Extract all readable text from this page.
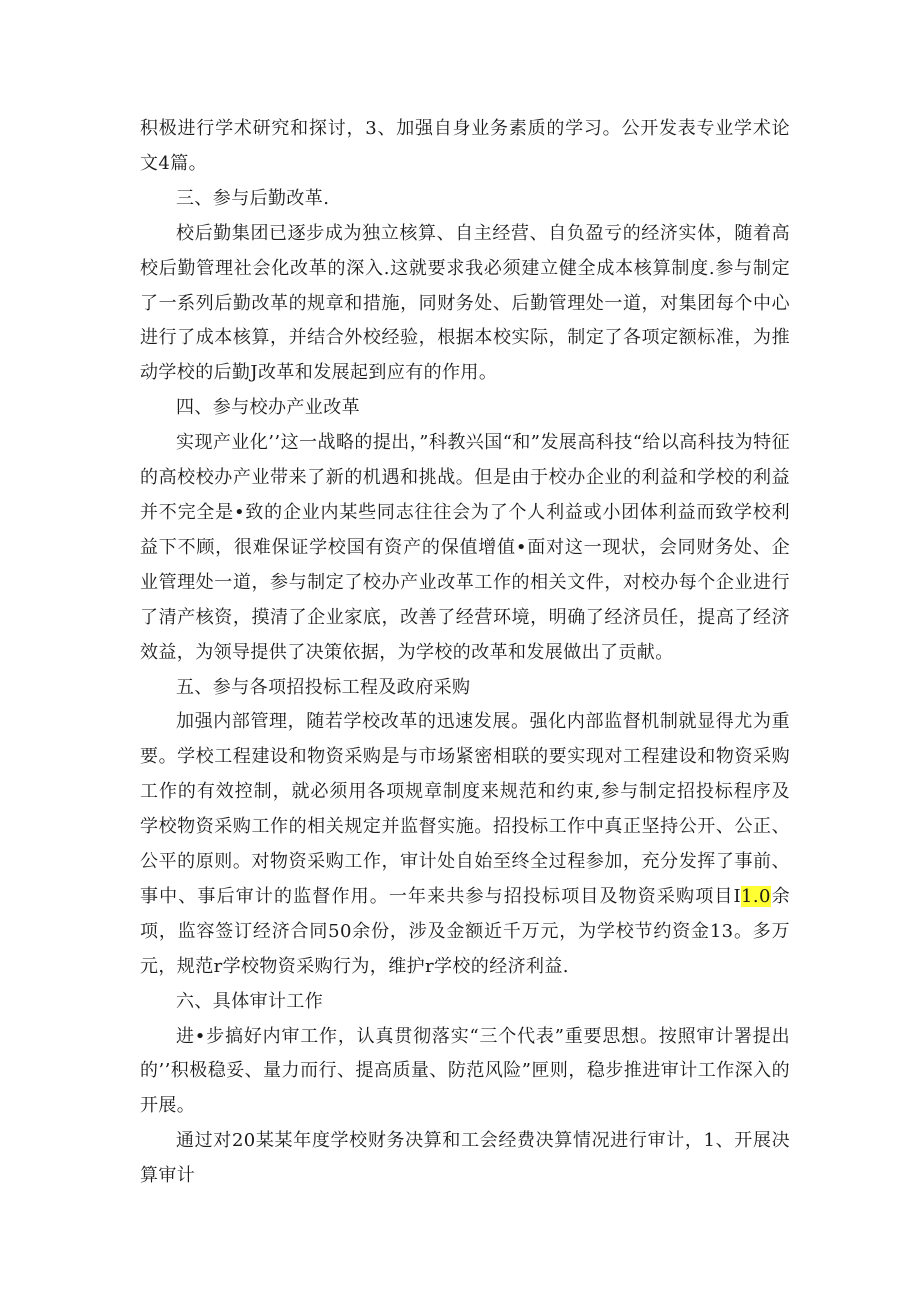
积极进行学术研究和探讨，3、加强自身业务素质的学习。公开发表专业学术论文4篇。

三、参与后勤改革.

校后勤集团已逐步成为独立核算、自主经营、自负盈亏的经济实体，随着高校后勤管理社会化改革的深入.这就要求我必须建立健全成本核算制度.参与制定了一系列后勤改革的规章和措施，同财务处、后勤管理处一道，对集团每个中心进行了成本核算，并结合外校经验，根据本校实际，制定了各项定额标准，为推动学校的后勤J改革和发展起到应有的作用。

四、参与校办产业改革

实现产业化’’这一战略的提出，”科教兴国“和”发展高科技“给以高科技为特征的高校校办产业带来了新的机遇和挑战。但是由于校办企业的利益和学校的利益并不完全是•致的企业内某些同志往往会为了个人利益或小团体利益而致学校利益下不顾，很难保证学校国有资产的保值增值•面对这一现状，会同财务处、企业管理处一道，参与制定了校办产业改革工作的相关文件，对校办每个企业进行了清产核资，摸清了企业家底，改善了经营环境，明确了经济员任，提高了经济效益，为领导提供了决策依据，为学校的改革和发展做出了贡献。

五、参与各项招投标工程及政府采购

加强内部管理，随若学校改革的迅速发展。强化内部监督机制就显得尤为重要。学校工程建设和物资采购是与市场紧密相联的要实现对工程建设和物资采购工作的有效控制，就必须用各项规章制度来规范和约束,参与制定招投标程序及学校物资采购工作的相关规定并监督实施。招投标工作中真正坚持公开、公正、公平的原则。对物资采购工作，审计处自始至终全过程参加，充分发挥了事前、事中、事后审计的监督作用。一年来共参与招投标项目及物资采购项目I1.0余项，监容签订经济合同50余份，涉及金额近千万元，为学校节约资金13。多万元，规范r学校物资采购行为，维护r学校的经济利益.

六、具体审计工作

进•步搞好内审工作，认真贯彻落实“三个代表”重要思想。按照审计署提出的’’积极稳妥、量力而行、提高质量、防范风险”匣则，稳步推进审计工作深入的开展。

通过对20某某年度学校财务决算和工会经费决算情况进行审计，1、开展决算审计
